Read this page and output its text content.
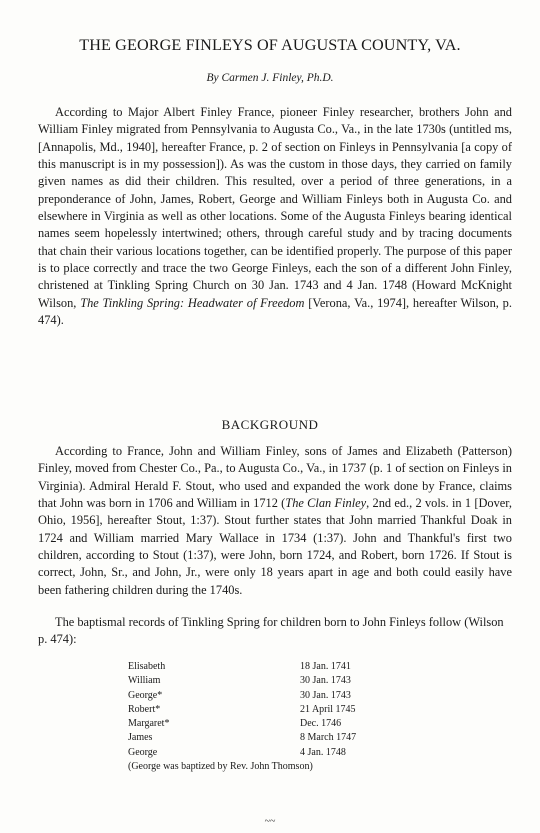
THE GEORGE FINLEYS OF AUGUSTA COUNTY, VA.
By Carmen J. Finley, Ph.D.

According to Major Albert Finley France, pioneer Finley researcher, brothers John and William Finley migrated from Pennsylvania to Augusta Co., Va., in the late 1730s (untitled ms, [Annapolis, Md., 1940], hereafter France, p. 2 of section on Finleys in Pennsylvania [a copy of this manuscript is in my possession]). As was the custom in those days, they carried on family given names as did their children. This resulted, over a period of three generations, in a preponderance of John, James, Robert, George and William Finleys both in Augusta Co. and elsewhere in Virginia as well as other locations. Some of the Augusta Finleys bearing identical names seem hopelessly intertwined; others, through careful study and by tracing documents that chain their various locations together, can be identified properly. The purpose of this paper is to place correctly and trace the two George Finleys, each the son of a different John Finley, christened at Tinkling Spring Church on 30 Jan. 1743 and 4 Jan. 1748 (Howard McKnight Wilson, The Tinkling Spring: Headwater of Freedom [Verona, Va., 1974], hereafter Wilson, p. 474).

BACKGROUND

According to France, John and William Finley, sons of James and Elizabeth (Patterson) Finley, moved from Chester Co., Pa., to Augusta Co., Va., in 1737 (p. 1 of section on Finleys in Virginia). Admiral Herald F. Stout, who used and expanded the work done by France, claims that John was born in 1706 and William in 1712 (The Clan Finley, 2nd ed., 2 vols. in 1 [Dover, Ohio, 1956], hereafter Stout, 1:37). Stout further states that John married Thankful Doak in 1724 and William married Mary Wallace in 1734 (1:37). John and Thankful's first two children, according to Stout (1:37), were John, born 1724, and Robert, born 1726. If Stout is correct, John, Sr., and John, Jr., were only 18 years apart in age and both could easily have been fathering children during the 1740s.

The baptismal records of Tinkling Spring for children born to John Finleys follow (Wilson p. 474):

Elisabeth	18 Jan. 1741
William	30 Jan. 1743
George*	30 Jan. 1743
Robert*	21 April 1745
Margaret*	Dec. 1746
James	8 March 1747
George	4 Jan. 1748
(George was baptized by Rev. John Thomson)
~~
